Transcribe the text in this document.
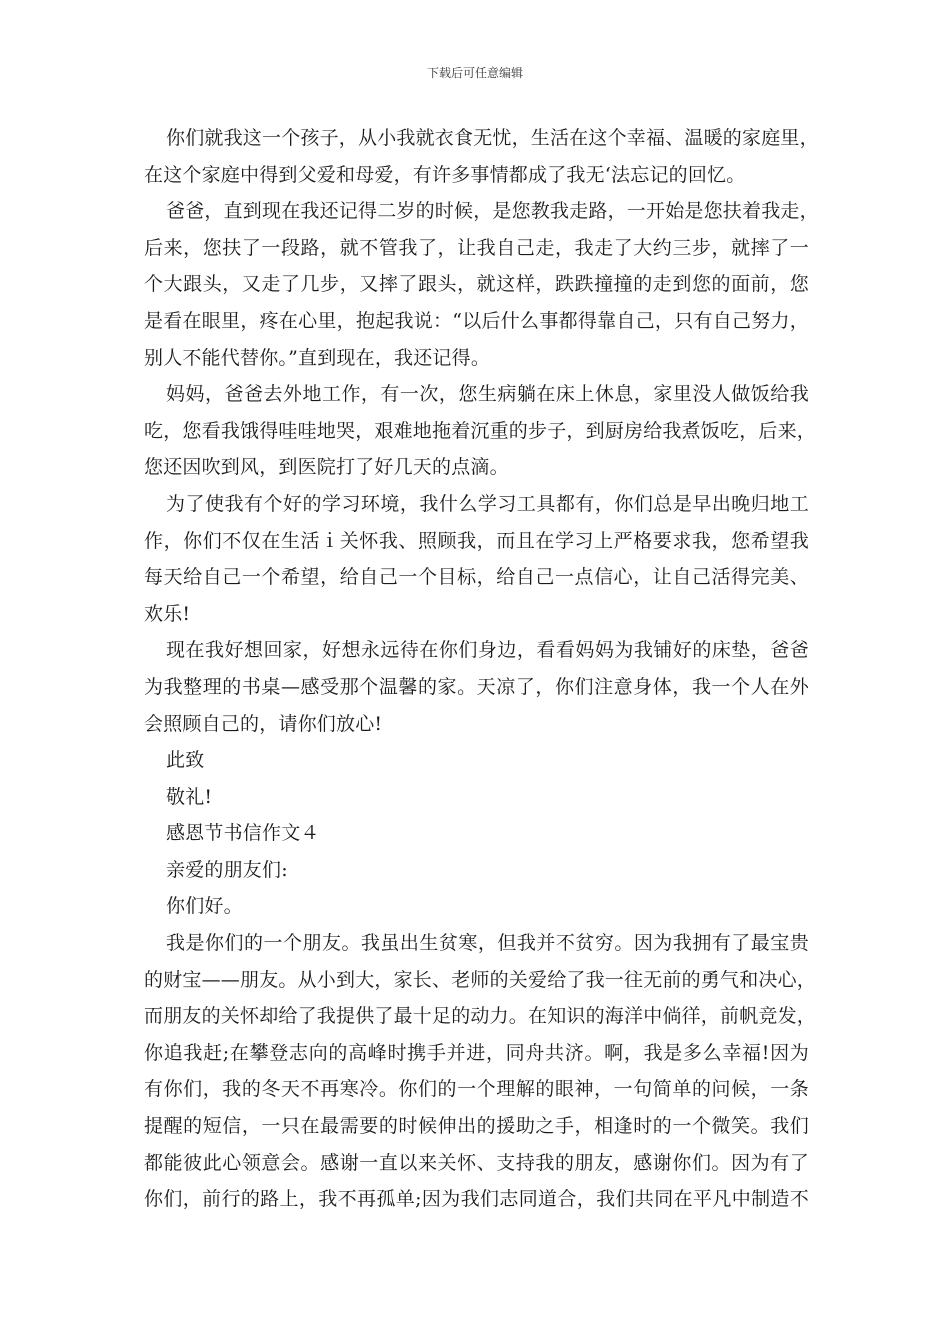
下载后可任意编辑
你们就我这一个孩子，从小我就衣食无忧，生活在这个幸福、温暖的家庭里，
在这个家庭中得到父爱和母爱，有许多事情都成了我无‘法忘记的回忆。
爸爸，直到现在我还记得二岁的时候，是您教我走路，一开始是您扶着我走，
后来，您扶了一段路，就不管我了，让我自己走，我走了大约三步，就摔了一
个大跟头，又走了几步，又摔了跟头，就这样，跌跌撞撞的走到您的面前，您
是看在眼里，疼在心里，抱起我说：“以后什么事都得靠自己，只有自己努力，
别人不能代替你。”直到现在，我还记得。
妈妈，爸爸去外地工作，有一次，您生病躺在床上休息，家里没人做饭给我
吃，您看我饿得哇哇地哭，艰难地拖着沉重的步子，到厨房给我煮饭吃，后来，
您还因吹到风，到医院打了好几天的点滴。
为了使我有个好的学习环境，我什么学习工具都有，你们总是早出晚归地工
作，你们不仅在生活ｉ关怀我、照顾我，而且在学习上严格要求我，您希望我
每天给自己一个希望，给自己一个目标，给自己一点信心，让自己活得完美、
欢乐!
现在我好想回家，好想永远待在你们身边，看看妈妈为我铺好的床垫，爸爸
为我整理的书桌—感受那个温馨的家。天凉了，你们注意身体，我一个人在外
会照顾自己的，请你们放心!
此致
敬礼!
感恩节书信作文４
亲爱的朋友们:
你们好。
我是你们的一个朋友。我虽出生贫寒，但我并不贫穷。因为我拥有了最宝贵
的财宝——朋友。从小到大，家长、老师的关爱给了我一往无前的勇气和决心，
而朋友的关怀却给了我提供了最十足的动力。在知识的海洋中倘徉，前帆竞发，
你追我赶;在攀登志向的高峰时携手并进，同舟共济。啊，我是多么幸福!因为
有你们，我的冬天不再寒冷。你们的一个理解的眼神，一句简单的问候，一条
提醒的短信，一只在最需要的时候伸出的援助之手，相逢时的一个微笑。我们
都能彼此心领意会。感谢一直以来关怀、支持我的朋友，感谢你们。因为有了
你们，前行的路上，我不再孤单;因为我们志同道合，我们共同在平凡中制造不
